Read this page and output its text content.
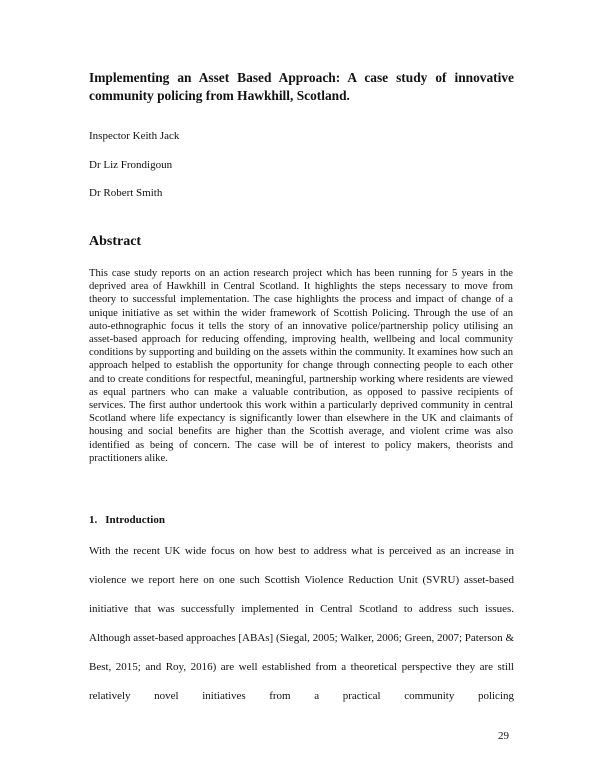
Implementing an Asset Based Approach: A case study of innovative community policing from Hawkhill, Scotland.

Inspector Keith Jack

Dr Liz Frondigoun

Dr Robert Smith

Abstract

This case study reports on an action research project which has been running for 5 years in the deprived area of Hawkhill in Central Scotland. It highlights the steps necessary to move from theory to successful implementation. The case highlights the process and impact of change of a unique initiative as set within the wider framework of Scottish Policing. Through the use of an auto-ethnographic focus it tells the story of an innovative police/partnership policy utilising an asset-based approach for reducing offending, improving health, wellbeing and local community conditions by supporting and building on the assets within the community. It examines how such an approach helped to establish the opportunity for change through connecting people to each other and to create conditions for respectful, meaningful, partnership working where residents are viewed as equal partners who can make a valuable contribution, as opposed to passive recipients of services. The first author undertook this work within a particularly deprived community in central Scotland where life expectancy is significantly lower than elsewhere in the UK and claimants of housing and social benefits are higher than the Scottish average, and violent crime was also identified as being of concern. The case will be of interest to policy makers, theorists and practitioners alike.

1. Introduction

With the recent UK wide focus on how best to address what is perceived as an increase in violence we report here on one such Scottish Violence Reduction Unit (SVRU) asset-based initiative that was successfully implemented in Central Scotland to address such issues. Although asset-based approaches [ABAs] (Siegal, 2005; Walker, 2006; Green, 2007; Paterson & Best, 2015; and Roy, 2016) are well established from a theoretical perspective they are still relatively novel initiatives from a practical community policing

29
